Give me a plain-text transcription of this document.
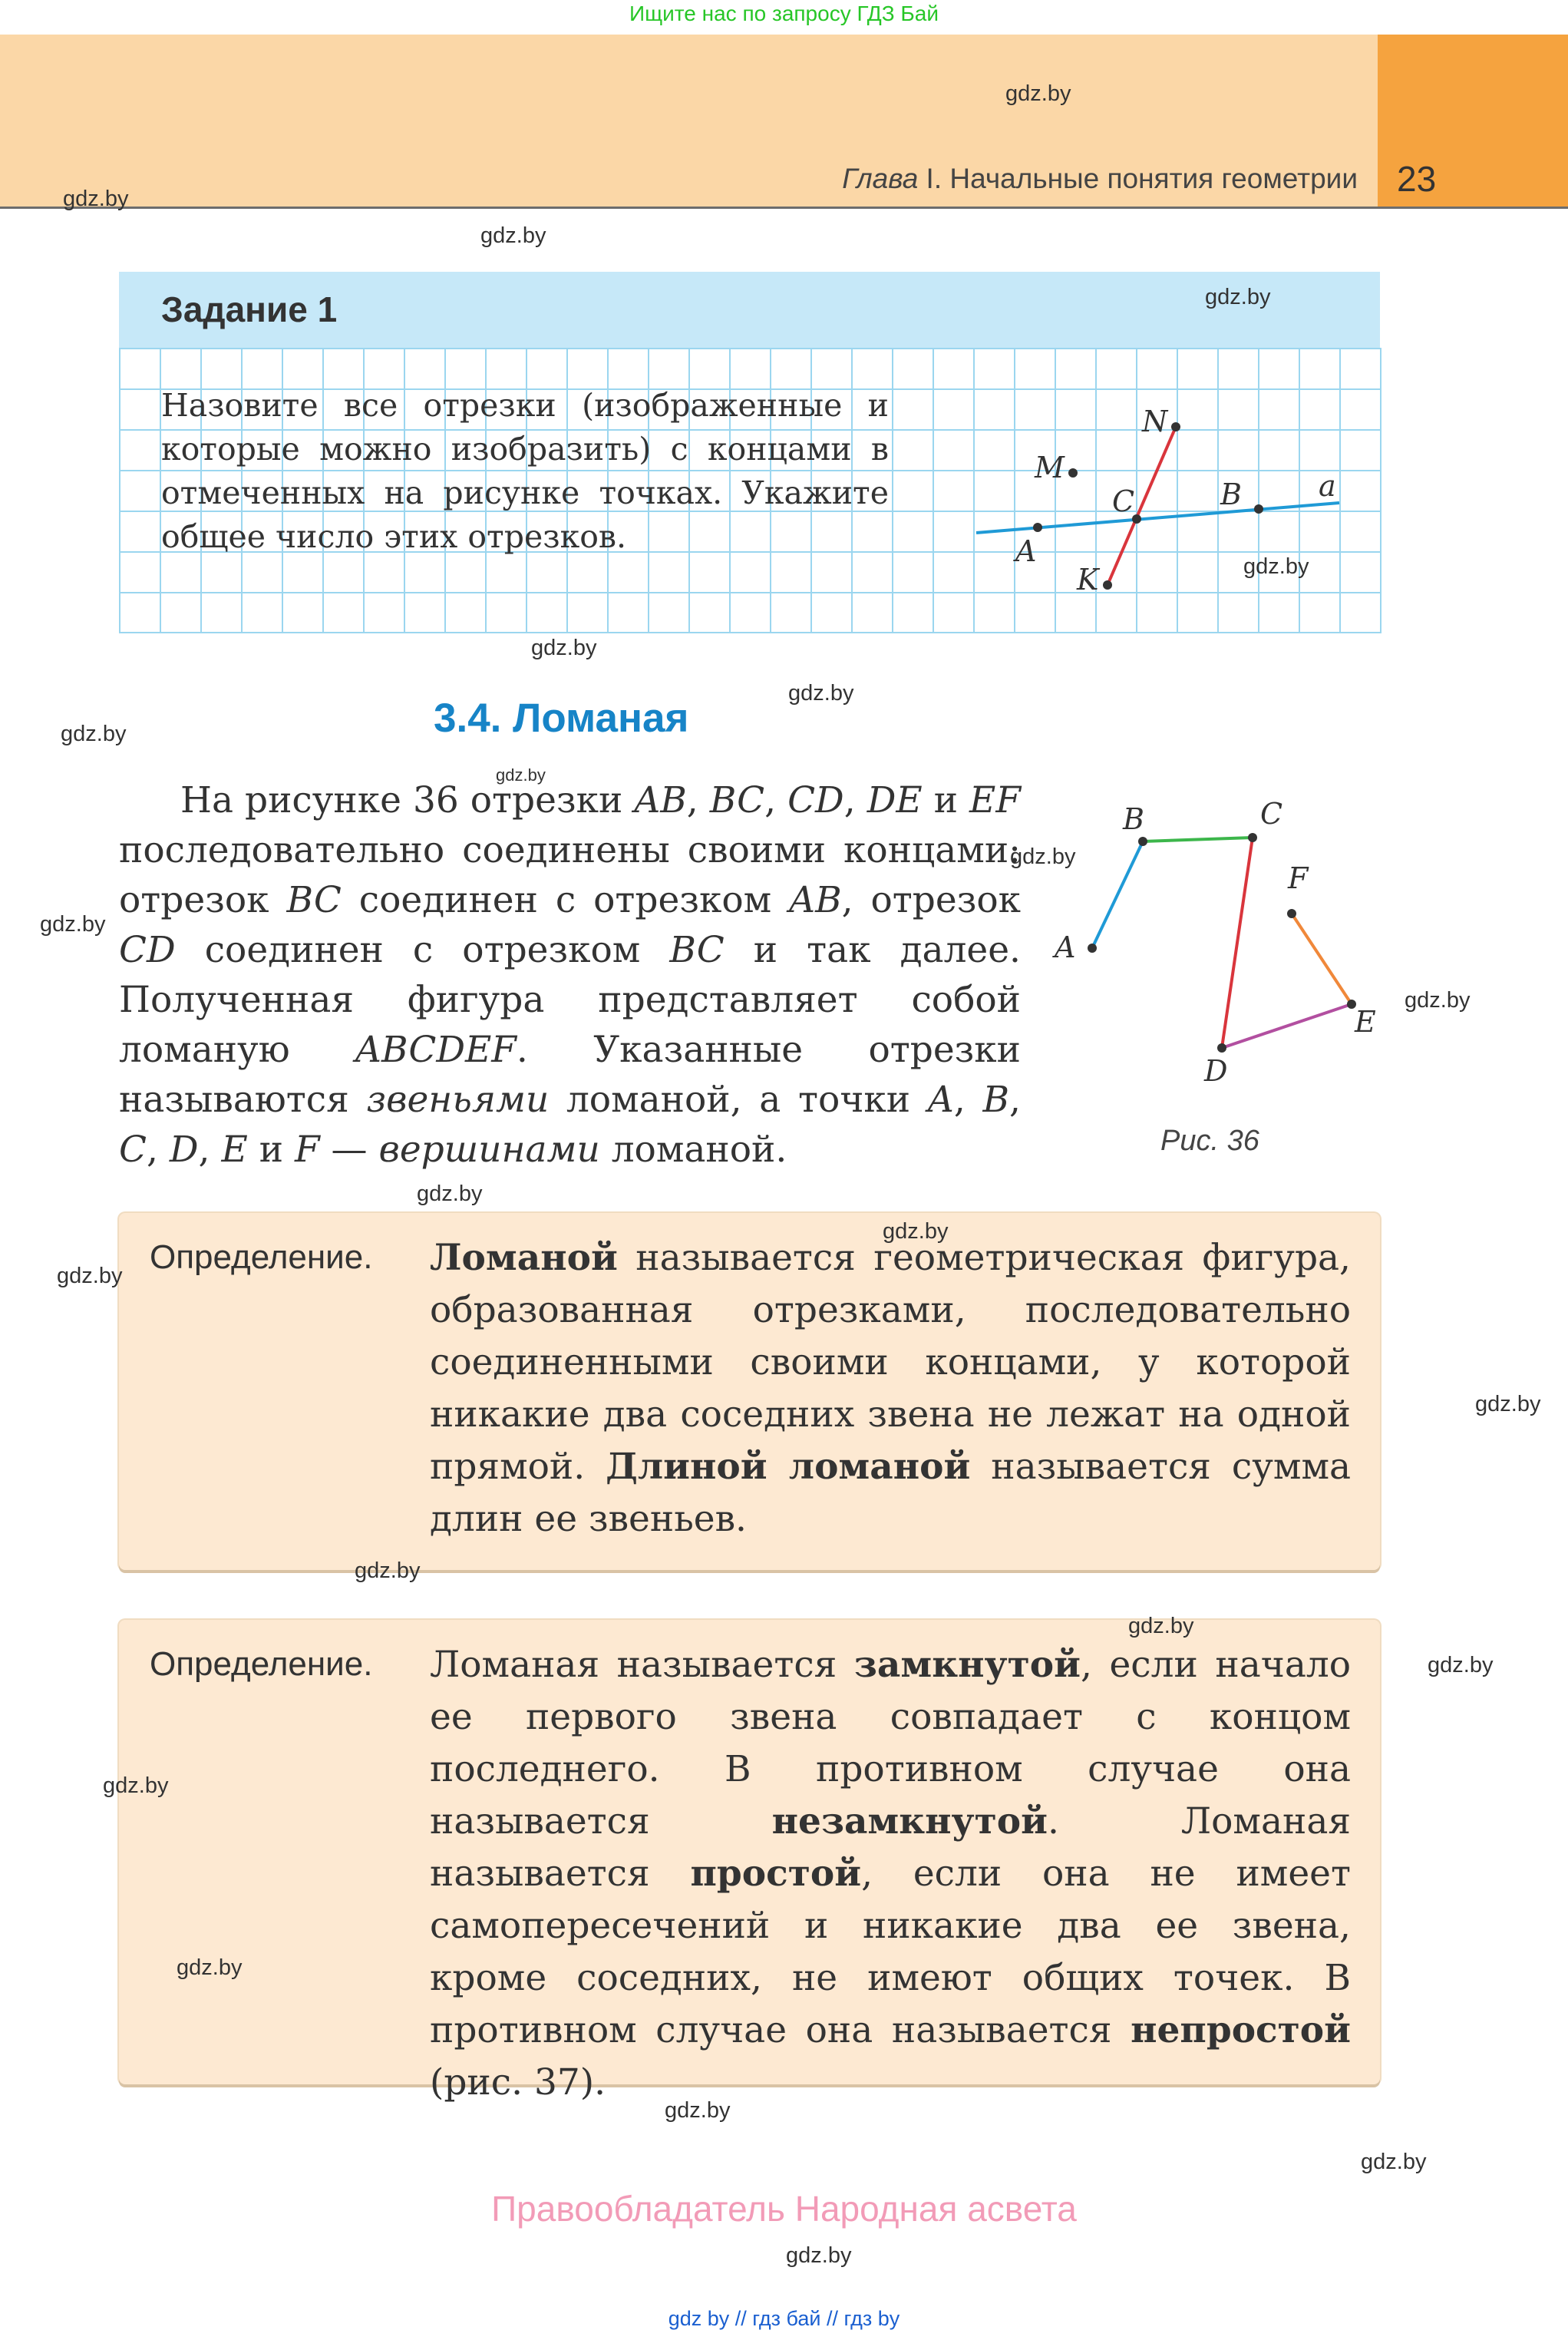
Ищите нас по запросу ГДЗ Бай
Глава I. Начальные понятия геометрии 23
Задание 1
Назовите все отрезки (изображенные и которые можно изобразить) с концами в отмеченных на рисунке точках. Укажите общее число этих отрезков.
N
M
C	B	a
A
K
3.4. Ломаная

На рисунке 36 отрезки AB, BC, CD, DE и EF последовательно соединены своими концами: отрезок BC соединен с отрезком AB, отрезок CD соединен с отрезком BC и так далее. Полученная фигура представляет собой ломаную ABCDEF. Указанные отрезки называются звеньями ломаной, а точки A, B, C, D, E и F — вершинами ломаной.

A
B	C
D
E
F
Рис. 36
Определение. Ломаной называется геометрическая фигура, образованная отрезками, последовательно соединенными своими концами, у которой никакие два соседних звена не лежат на одной прямой. Длиной ломаной называется сумма длин ее звеньев.
Определение. Ломаная называется замкнутой, если начало ее первого звена совпадает с концом последнего. В противном случае она называется незамкнутой. Ломаная называется простой, если она не имеет самопересечений и никакие два ее звена, кроме соседних, не имеют общих точек. В противном случае она называется непростой (рис. 37).
gdz.by
gdz.by
gdz.by
gdz.by
gdz.by
gdz.by
gdz.by
gdz.by
gdz.by
gdz.by
gdz.by
gdz.by
gdz.by
gdz.by
gdz.by
gdz.by
gdz.by
gdz.by
gdz.by
gdz.by
gdz.by
gdz.by
gdz.by
gdz.by
Правообладатель Народная асвета
gdz by // гдз бай // гдз by
